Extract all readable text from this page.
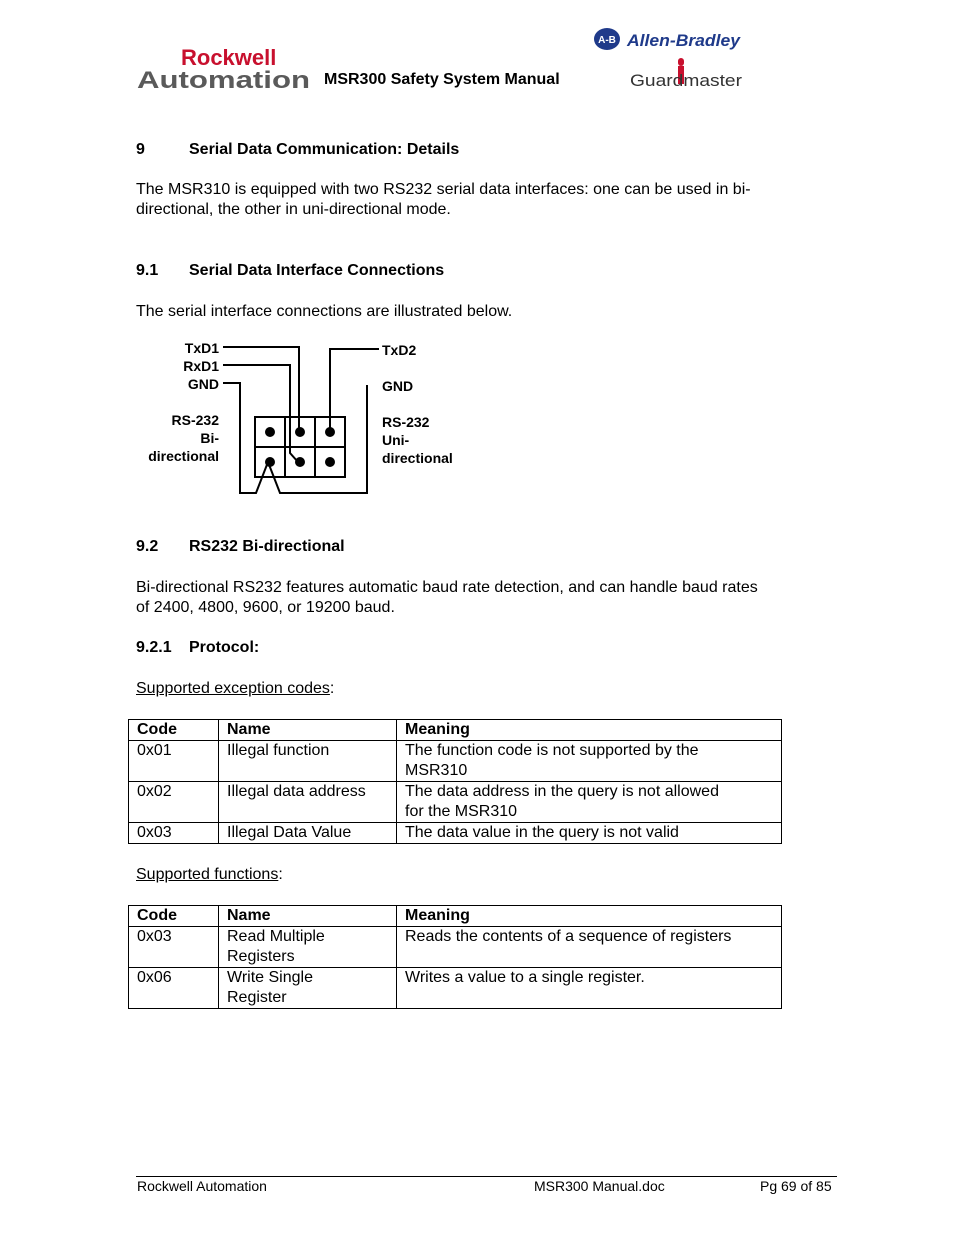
Rockwell
Automation MSR300 Safety System Manual
A-B Allen-Bradley
Guardmaster
9	Serial Data Communication: Details
The MSR310 is equipped with two RS232 serial data interfaces: one can be used in bi-
directional, the other in uni-directional mode.
9.1 Serial Data Interface Connections
The serial interface connections are illustrated below.
TxD1
RxD1
GND
RS-232
Bi-
directional
TxD2
GND
RS-232
Uni-
directional
9.2 RS232 Bi-directional
Bi-directional RS232 features automatic baud rate detection, and can handle baud rates
of 2400, 4800, 9600, or 19200 baud.
9.2.1 Protocol:
Supported exception codes:
Code	Name	Meaning
0x01	Illegal function	The function code is not supported by the
MSR310

0x02	Illegal data address	The data address in the query is not allowed
for the MSR310

0x03	Illegal Data Value	The data value in the query is not valid
Supported functions:
Code	Name	Meaning
0x03	Read Multiple
Registers	Reads the contents of a sequence of registers
0x06	Write Single
Register	Writes a value to a single register.
Rockwell Automation	MSR300 Manual.doc	Pg 69 of 85
